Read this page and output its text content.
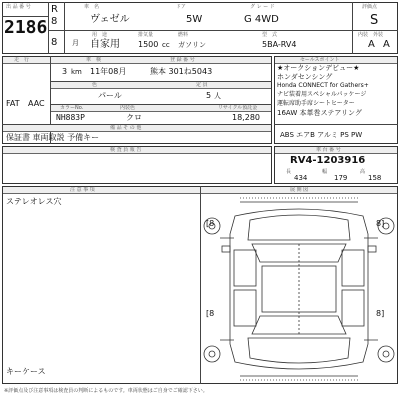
出 品 番 号
2186
R
8
8 月
車　名	ドア	グ レ ー ド	評価点
ヴェゼル	5W	G 4WD	S
用　途	排気量	燃料	型　式	内装　外装
自家用 1500 cc ガソリン	5BA-RV4	A A
走　行	車　検	登 録 番 号
3 km 11年08月	熊本 301ね5043
色	定 員
FAT AAC
パール	5 人
カラーNo.	内装色	リサイクル預託金
NH883P	クロ	18,280
備 品 そ の 他
保証書 車両取説 予備キー
セールスポイント
★オークションデビュー★
ホンダセンシング
Honda CONNECT for Gathers+
ナビ装着用スペシャルパッケージ
運転席助手席シートヒーター
16AW 本革巻ステアリング
ABS エアB アルミ PS PW
検 査 員 報 告	車 台 番 号
RV4-1203916
長
434
幅
179
高
158
注 意 事 項	展 開 図
ステレオレス穴
キーケース
[8	8]
[8	8]
※評価点及び注意事項は検査員の判断によるものです。車両状態はご自身でご確認下さい。
